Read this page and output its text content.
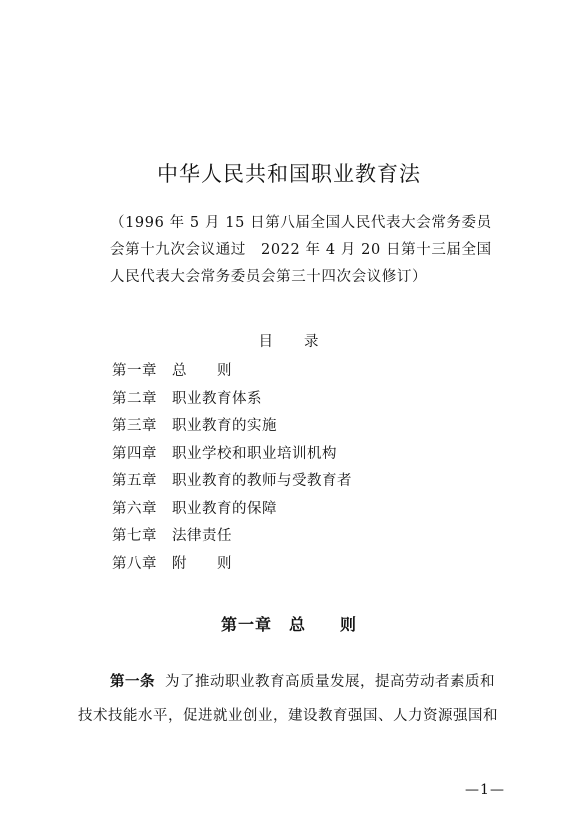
中华人民共和国职业教育法
（1996 年 5 月 15 日第八届全国人民代表大会常务委员
会第十九次会议通过　2022 年 4 月 20 日第十三届全国
人民代表大会常务委员会第三十四次会议修订）
目 录
第一章 总　　则
第二章 职业教育体系
第三章 职业教育的实施
第四章 职业学校和职业培训机构
第五章 职业教育的教师与受教育者
第六章 职业教育的保障
第七章 法律责任
第八章 附　　则
第一章　总　　则
第一条 为了推动职业教育高质量发展，提高劳动者素质和
技术技能水平，促进就业创业，建设教育强国、人力资源强国和
—1—
